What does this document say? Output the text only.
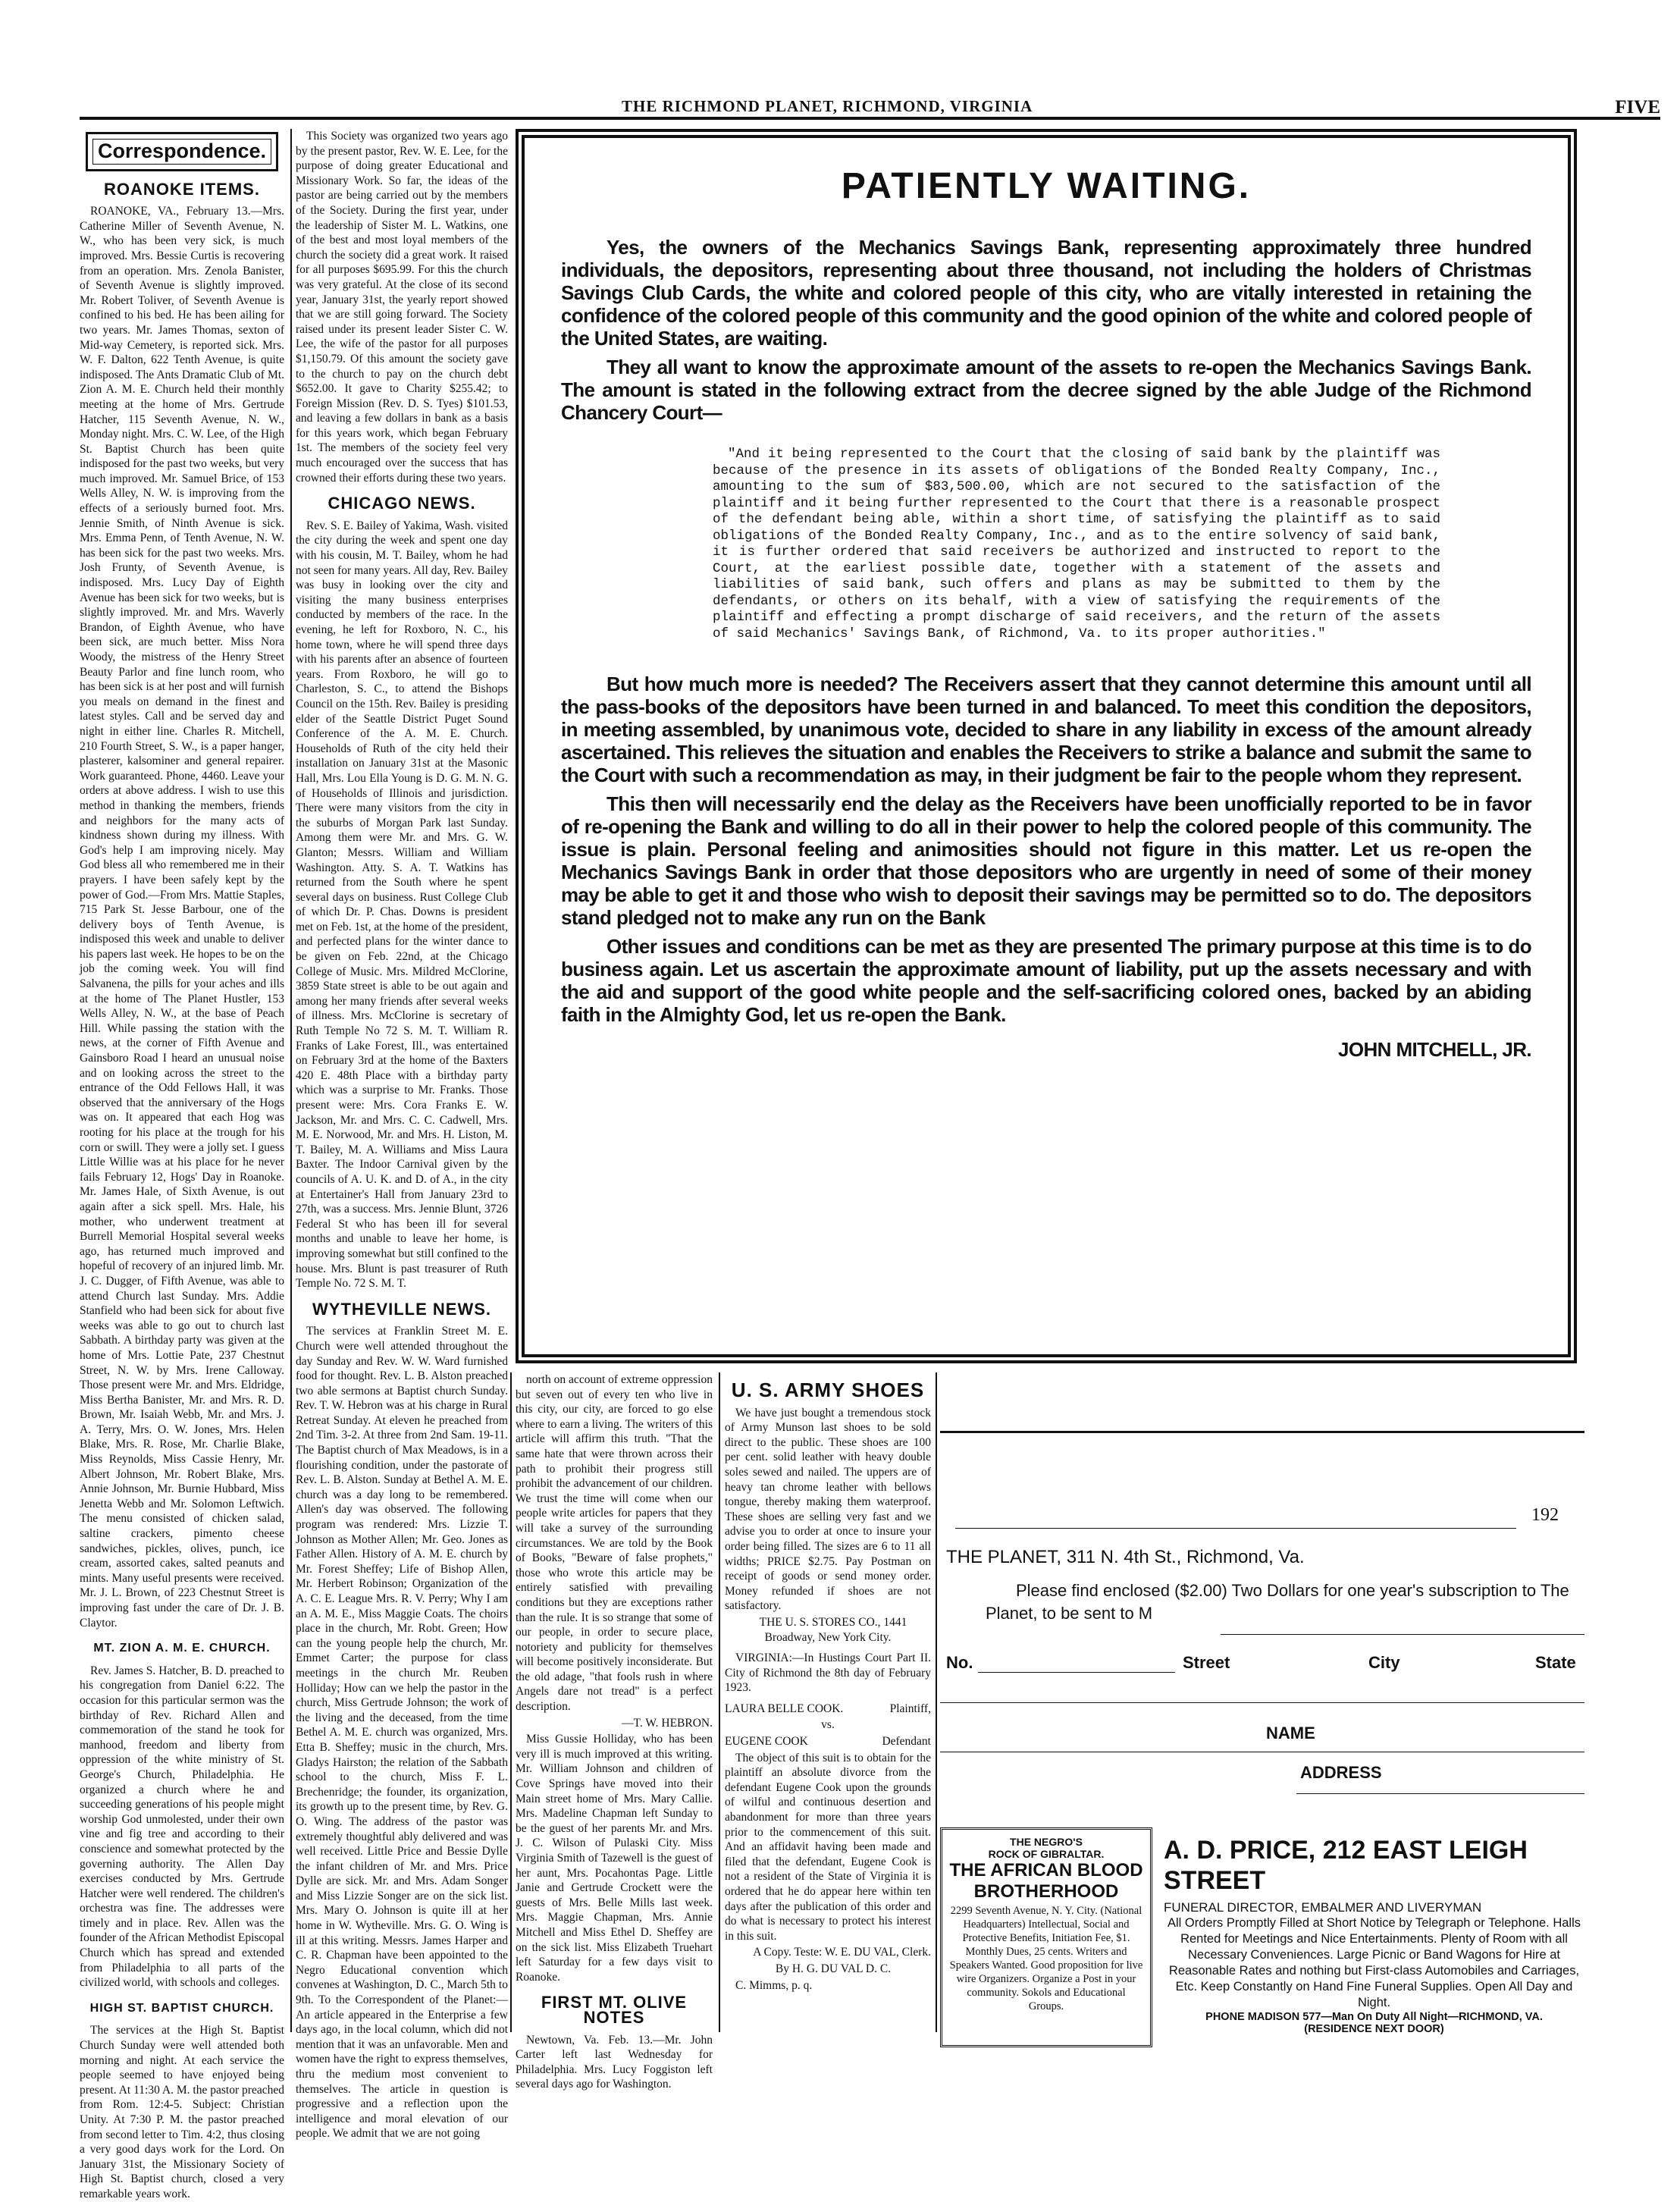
THE RICHMOND PLANET, RICHMOND, VIRGINIA	FIVE
Correspondence.
ROANOKE ITEMS.

ROANOKE, VA., February 13.—Mrs. Catherine Miller of Seventh Avenue, N. W., who has been very sick, is much improved. Mrs. Bessie Curtis is recovering from an operation. Mrs. Zenola Banister, of Seventh Avenue is slightly improved. Mr. Robert Toliver, of Seventh Avenue is confined to his bed. He has been ailing for two years. Mr. James Thomas, sexton of Mid-way Cemetery, is reported sick. Mrs. W. F. Dalton, 622 Tenth Avenue, is quite indisposed. The Ants Dramatic Club of Mt. Zion A. M. E. Church held their monthly meeting at the home of Mrs. Gertrude Hatcher, 115 Seventh Avenue, N. W., Monday night. Mrs. C. W. Lee, of the High St. Baptist Church has been quite indisposed for the past two weeks, but very much improved. Mr. Samuel Brice, of 153 Wells Alley, N. W. is improving from the effects of a seriously burned foot. Mrs. Jennie Smith, of Ninth Avenue is sick. Mrs. Emma Penn, of Tenth Avenue, N. W. has been sick for the past two weeks. Mrs. Josh Frunty, of Seventh Avenue, is indisposed. Mrs. Lucy Day of Eighth Avenue has been sick for two weeks, but is slightly improved. Mr. and Mrs. Waverly Brandon, of Eighth Avenue, who have been sick, are much better. Miss Nora Woody, the mistress of the Henry Street Beauty Parlor and fine lunch room, who has been sick is at her post and will furnish you meals on demand in the finest and latest styles. Call and be served day and night in either line. Charles R. Mitchell, 210 Fourth Street, S. W., is a paper hanger, plasterer, kalsominer and general repairer. Work guaranteed. Phone, 4460. Leave your orders at above address. I wish to use this method in thanking the members, friends and neighbors for the many acts of kindness shown during my illness. With God's help I am improving nicely. May God bless all who remembered me in their prayers. I have been safely kept by the power of God.—From Mrs. Mattie Staples, 715 Park St. Jesse Barbour, one of the delivery boys of Tenth Avenue, is indisposed this week and unable to deliver his papers last week. He hopes to be on the job the coming week. You will find Salvanena, the pills for your aches and ills at the home of The Planet Hustler, 153 Wells Alley, N. W., at the base of Peach Hill. While passing the station with the news, at the corner of Fifth Avenue and Gainsboro Road I heard an unusual noise and on looking across the street to the entrance of the Odd Fellows Hall, it was observed that the anniversary of the Hogs was on. It appeared that each Hog was rooting for his place at the trough for his corn or swill. They were a jolly set. I guess Little Willie was at his place for he never fails February 12, Hogs' Day in Roanoke. Mr. James Hale, of Sixth Avenue, is out again after a sick spell. Mrs. Hale, his mother, who underwent treatment at Burrell Memorial Hospital several weeks ago, has returned much improved and hopeful of recovery of an injured limb. Mr. J. C. Dugger, of Fifth Avenue, was able to attend Church last Sunday. Mrs. Addie Stanfield who had been sick for about five weeks was able to go out to church last Sabbath. A birthday party was given at the home of Mrs. Lottie Pate, 237 Chestnut Street, N. W. by Mrs. Irene Calloway. Those present were Mr. and Mrs. Eldridge, Miss Bertha Banister, Mr. and Mrs. R. D. Brown, Mr. Isaiah Webb, Mr. and Mrs. J. A. Terry, Mrs. O. W. Jones, Mrs. Helen Blake, Mrs. R. Rose, Mr. Charlie Blake, Miss Reynolds, Miss Cassie Henry, Mr. Albert Johnson, Mr. Robert Blake, Mrs. Annie Johnson, Mr. Burnie Hubbard, Miss Jenetta Webb and Mr. Solomon Leftwich. The menu consisted of chicken salad, saltine crackers, pimento cheese sandwiches, pickles, olives, punch, ice cream, assorted cakes, salted peanuts and mints. Many useful presents were received. Mr. J. L. Brown, of 223 Chestnut Street is improving fast under the care of Dr. J. B. Claytor.

MT. ZION A. M. E. CHURCH.

Rev. James S. Hatcher, B. D. preached to his congregation from Daniel 6:22. The occasion for this particular sermon was the birthday of Rev. Richard Allen and commemoration of the stand he took for manhood, freedom and liberty from oppression of the white ministry of St. George's Church, Philadelphia. He organized a church where he and succeeding generations of his people might worship God unmolested, under their own vine and fig tree and according to their conscience and somewhat protected by the governing authority. The Allen Day exercises conducted by Mrs. Gertrude Hatcher were well rendered. The children's orchestra was fine. The addresses were timely and in place. Rev. Allen was the founder of the African Methodist Episcopal Church which has spread and extended from Philadelphia to all parts of the civilized world, with schools and colleges.

HIGH ST. BAPTIST CHURCH.

The services at the High St. Baptist Church Sunday were well attended both morning and night. At each service the people seemed to have enjoyed being present. At 11:30 A. M. the pastor preached from Rom. 12:4-5. Subject: Christian Unity. At 7:30 P. M. the pastor preached from second letter to Tim. 4:2, thus closing a very good days work for the Lord. On January 31st, the Missionary Society of High St. Baptist church, closed a very remarkable years work.

This Society was organized two years ago by the present pastor, Rev. W. E. Lee, for the purpose of doing greater Educational and Missionary Work. So far, the ideas of the pastor are being carried out by the members of the Society. During the first year, under the leadership of Sister M. L. Watkins, one of the best and most loyal members of the church the society did a great work. It raised for all purposes $695.99. For this the church was very grateful. At the close of its second year, January 31st, the yearly report showed that we are still going forward. The Society raised under its present leader Sister C. W. Lee, the wife of the pastor for all purposes $1,150.79. Of this amount the society gave to the church to pay on the church debt $652.00. It gave to Charity $255.42; to Foreign Mission (Rev. D. S. Tyes) $101.53, and leaving a few dollars in bank as a basis for this years work, which began February 1st. The members of the society feel very much encouraged over the success that has crowned their efforts during these two years.

CHICAGO NEWS.

Rev. S. E. Bailey of Yakima, Wash. visited the city during the week and spent one day with his cousin, M. T. Bailey, whom he had not seen for many years. All day, Rev. Bailey was busy in looking over the city and visiting the many business enterprises conducted by members of the race. In the evening, he left for Roxboro, N. C., his home town, where he will spend three days with his parents after an absence of fourteen years. From Roxboro, he will go to Charleston, S. C., to attend the Bishops Council on the 15th. Rev. Bailey is presiding elder of the Seattle District Puget Sound Conference of the A. M. E. Church. Households of Ruth of the city held their installation on January 31st at the Masonic Hall, Mrs. Lou Ella Young is D. G. M. N. G. of Households of Illinois and jurisdiction. There were many visitors from the city in the suburbs of Morgan Park last Sunday. Among them were Mr. and Mrs. G. W. Glanton; Messrs. William and William Washington. Atty. S. A. T. Watkins has returned from the South where he spent several days on business. Rust College Club of which Dr. P. Chas. Downs is president met on Feb. 1st, at the home of the president, and perfected plans for the winter dance to be given on Feb. 22nd, at the Chicago College of Music. Mrs. Mildred McClorine, 3859 State street is able to be out again and among her many friends after several weeks of illness. Mrs. McClorine is secretary of Ruth Temple No 72 S. M. T. William R. Franks of Lake Forest, Ill., was entertained on February 3rd at the home of the Baxters 420 E. 48th Place with a birthday party which was a surprise to Mr. Franks. Those present were: Mrs. Cora Franks E. W. Jackson, Mr. and Mrs. C. C. Cadwell, Mrs. M. E. Norwood, Mr. and Mrs. H. Liston, M. T. Bailey, M. A. Williams and Miss Laura Baxter. The Indoor Carnival given by the councils of A. U. K. and D. of A., in the city at Entertainer's Hall from January 23rd to 27th, was a success. Mrs. Jennie Blunt, 3726 Federal St who has been ill for several months and unable to leave her home, is improving somewhat but still confined to the house. Mrs. Blunt is past treasurer of Ruth Temple No. 72 S. M. T.

WYTHEVILLE NEWS.

The services at Franklin Street M. E. Church were well attended throughout the day Sunday and Rev. W. W. Ward furnished food for thought. Rev. L. B. Alston preached two able sermons at Baptist church Sunday. Rev. T. W. Hebron was at his charge in Rural Retreat Sunday. At eleven he preached from 2nd Tim. 3-2. At three from 2nd Sam. 19-11. The Baptist church of Max Meadows, is in a flourishing condition, under the pastorate of Rev. L. B. Alston. Sunday at Bethel A. M. E. church was a day long to be remembered. Allen's day was observed. The following program was rendered: Mrs. Lizzie T. Johnson as Mother Allen; Mr. Geo. Jones as Father Allen. History of A. M. E. church by Mr. Forest Sheffey; Life of Bishop Allen, Mr. Herbert Robinson; Organization of the A. C. E. League Mrs. R. V. Perry; Why I am an A. M. E., Miss Maggie Coats. The choirs place in the church, Mr. Robt. Green; How can the young people help the church, Mr. Emmet Carter; the purpose for class meetings in the church Mr. Reuben Holliday; How can we help the pastor in the church, Miss Gertrude Johnson; the work of the living and the deceased, from the time Bethel A. M. E. church was organized, Mrs. Etta B. Sheffey; music in the church, Mrs. Gladys Hairston; the relation of the Sabbath school to the church, Miss F. L. Brechenridge; the founder, its organization, its growth up to the present time, by Rev. G. O. Wing. The address of the pastor was extremely thoughtful ably delivered and was well received. Little Price and Bessie Dylle the infant children of Mr. and Mrs. Price Dylle are sick. Mr. and Mrs. Adam Songer and Miss Lizzie Songer are on the sick list. Mrs. Mary O. Johnson is quite ill at her home in W. Wytheville. Mrs. G. O. Wing is ill at this writing. Messrs. James Harper and C. R. Chapman have been appointed to the Negro Educational convention which convenes at Washington, D. C., March 5th to 9th. To the Correspondent of the Planet:—An article appeared in the Enterprise a few days ago, in the local column, which did not mention that it was an unfavorable. Men and women have the right to express themselves, thru the medium most convenient to themselves. The article in question is progressive and a reflection upon the intelligence and moral elevation of our people. We admit that we are not going

PATIENTLY WAITING.

Yes, the owners of the Mechanics Savings Bank, representing approximately three hundred individuals, the depositors, representing about three thousand, not including the holders of Christmas Savings Club Cards, the white and colored people of this city, who are vitally interested in retaining the confidence of the colored people of this community and the good opinion of the white and colored people of the United States, are waiting.

They all want to know the approximate amount of the assets to re-open the Mechanics Savings Bank. The amount is stated in the following extract from the decree signed by the able Judge of the Richmond Chancery Court—

"And it being represented to the Court that the closing of said bank by the plaintiff was because of the presence in its assets of obligations of the Bonded Realty Company, Inc., amounting to the sum of $83,500.00, which are not secured to the satisfaction of the plaintiff and it being further represented to the Court that there is a reasonable prospect of the defendant being able, within a short time, of satisfying the plaintiff as to said obligations of the Bonded Realty Company, Inc., and as to the entire solvency of said bank, it is further ordered that said receivers be authorized and instructed to report to the Court, at the earliest possible date, together with a statement of the assets and liabilities of said bank, such offers and plans as may be submitted to them by the defendants, or others on its behalf, with a view of satisfying the requirements of the plaintiff and effecting a prompt discharge of said receivers, and the return of the assets of said Mechanics' Savings Bank, of Richmond, Va. to its proper authorities."

But how much more is needed? The Receivers assert that they cannot determine this amount until all the pass-books of the depositors have been turned in and balanced. To meet this condition the depositors, in meeting assembled, by unanimous vote, decided to share in any liability in excess of the amount already ascertained. This relieves the situation and enables the Receivers to strike a balance and submit the same to the Court with such a recommendation as may, in their judgment be fair to the people whom they represent.

This then will necessarily end the delay as the Receivers have been unofficially reported to be in favor of re-opening the Bank and willing to do all in their power to help the colored people of this community. The issue is plain. Personal feeling and animosities should not figure in this matter. Let us re-open the Mechanics Savings Bank in order that those depositors who are urgently in need of some of their money may be able to get it and those who wish to deposit their savings may be permitted so to do. The depositors stand pledged not to make any run on the Bank

Other issues and conditions can be met as they are presented The primary purpose at this time is to do business again. Let us ascertain the approximate amount of liability, put up the assets necessary and with the aid and support of the good white people and the self-sacrificing colored ones, backed by an abiding faith in the Almighty God, let us re-open the Bank.

JOHN MITCHELL, JR.

north on account of extreme oppression but seven out of every ten who live in this city, our city, are forced to go else where to earn a living. The writers of this article will affirm this truth. "That the same hate that were thrown across their path to prohibit their progress still prohibit the advancement of our children. We trust the time will come when our people write articles for papers that they will take a survey of the surrounding circumstances. We are told by the Book of Books, "Beware of false prophets," those who wrote this article may be entirely satisfied with prevailing conditions but they are exceptions rather than the rule. It is so strange that some of our people, in order to secure place, notoriety and publicity for themselves will become positively inconsiderate. But the old adage, "that fools rush in where Angels dare not tread" is a perfect description.

—T. W. HEBRON.

Miss Gussie Holliday, who has been very ill is much improved at this writing. Mr. William Johnson and children of Cove Springs have moved into their Main street home of Mrs. Mary Callie. Mrs. Madeline Chapman left Sunday to be the guest of her parents Mr. and Mrs. J. C. Wilson of Pulaski City. Miss Virginia Smith of Tazewell is the guest of her aunt, Mrs. Pocahontas Page. Little Janie and Gertrude Crockett were the guests of Mrs. Belle Mills last week. Mrs. Maggie Chapman, Mrs. Annie Mitchell and Miss Ethel D. Sheffey are on the sick list. Miss Elizabeth Truehart left Saturday for a few days visit to Roanoke.

FIRST MT. OLIVE NOTES

Newtown, Va. Feb. 13.—Mr. John Carter left last Wednesday for Philadelphia. Mrs. Lucy Foggiston left several days ago for Washington.

U. S. ARMY SHOES

We have just bought a tremendous stock of Army Munson last shoes to be sold direct to the public. These shoes are 100 per cent. solid leather with heavy double soles sewed and nailed. The uppers are of heavy tan chrome leather with bellows tongue, thereby making them waterproof. These shoes are selling very fast and we advise you to order at once to insure your order being filled. The sizes are 6 to 11 all widths; PRICE $2.75. Pay Postman on receipt of goods or send money order. Money refunded if shoes are not satisfactory.

THE U. S. STORES CO., 1441 Broadway, New York City.

VIRGINIA:—In Hustings Court Part II. City of Richmond the 8th day of February 1923.

LAURA BELLE COOK.	Plaintiff,

vs.

EUGENE COOK	Defendant

The object of this suit is to obtain for the plaintiff an absolute divorce from the defendant Eugene Cook upon the grounds of wilful and continuous desertion and abandonment for more than three years prior to the commencement of this suit. And an affidavit having been made and filed that the defendant, Eugene Cook is not a resident of the State of Virginia it is ordered that he do appear here within ten days after the publication of this order and do what is necessary to protect his interest in this suit.

A Copy. Teste: W. E. DU VAL, Clerk.

By H. G. DU VAL D. C.

C. Mimms, p. q.

192
THE PLANET, 311 N. 4th St., Richmond, Va.
Please find enclosed ($2.00) Two Dollars for one year's subscription to The Planet, to be sent to M
No.	Street	City	State
NAME
ADDRESS
THE NEGRO'S
ROCK OF GIBRALTAR.
THE AFRICAN BLOOD
BROTHERHOOD
2299 Seventh Avenue, N. Y. City. (National Headquarters) Intellectual, Social and Protective Benefits, Initiation Fee, $1. Monthly Dues, 25 cents. Writers and Speakers Wanted. Good proposition for live wire Organizers. Organize a Post in your community. Sokols and Educational Groups.
A. D. PRICE, 212 EAST LEIGH STREET
FUNERAL DIRECTOR, EMBALMER AND LIVERYMAN
All Orders Promptly Filled at Short Notice by Telegraph or Telephone. Halls Rented for Meetings and Nice Entertainments. Plenty of Room with all Necessary Conveniences. Large Picnic or Band Wagons for Hire at Reasonable Rates and nothing but First-class Automobiles and Carriages, Etc. Keep Constantly on Hand Fine Funeral Supplies. Open All Day and Night.
PHONE MADISON 577—Man On Duty All Night—RICHMOND, VA.
(RESIDENCE NEXT DOOR)
